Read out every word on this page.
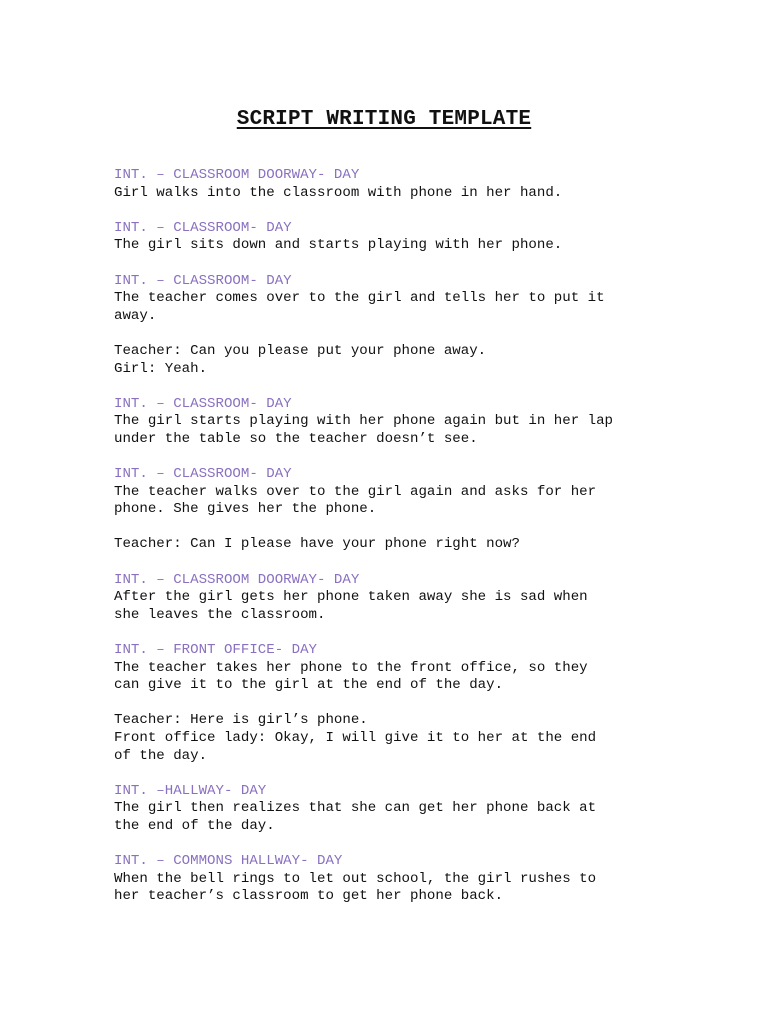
SCRIPT WRITING TEMPLATE
INT. – CLASSROOM DOORWAY- DAY
Girl walks into the classroom with phone in her hand.
INT. – CLASSROOM- DAY
The girl sits down and starts playing with her phone.
INT. – CLASSROOM- DAY
The teacher comes over to the girl and tells her to put it
away.
Teacher: Can you please put your phone away.
Girl: Yeah.
INT. – CLASSROOM- DAY
The girl starts playing with her phone again but in her lap
under the table so the teacher doesn’t see.
INT. – CLASSROOM- DAY
The teacher walks over to the girl again and asks for her
phone. She gives her the phone.
Teacher: Can I please have your phone right now?
INT. – CLASSROOM DOORWAY- DAY
After the girl gets her phone taken away she is sad when
she leaves the classroom.
INT. – FRONT OFFICE- DAY
The teacher takes her phone to the front office, so they
can give it to the girl at the end of the day.
Teacher: Here is girl’s phone.
Front office lady: Okay, I will give it to her at the end
of the day.
INT. –HALLWAY- DAY
The girl then realizes that she can get her phone back at
the end of the day.
INT. – COMMONS HALLWAY- DAY
When the bell rings to let out school, the girl rushes to
her teacher’s classroom to get her phone back.
